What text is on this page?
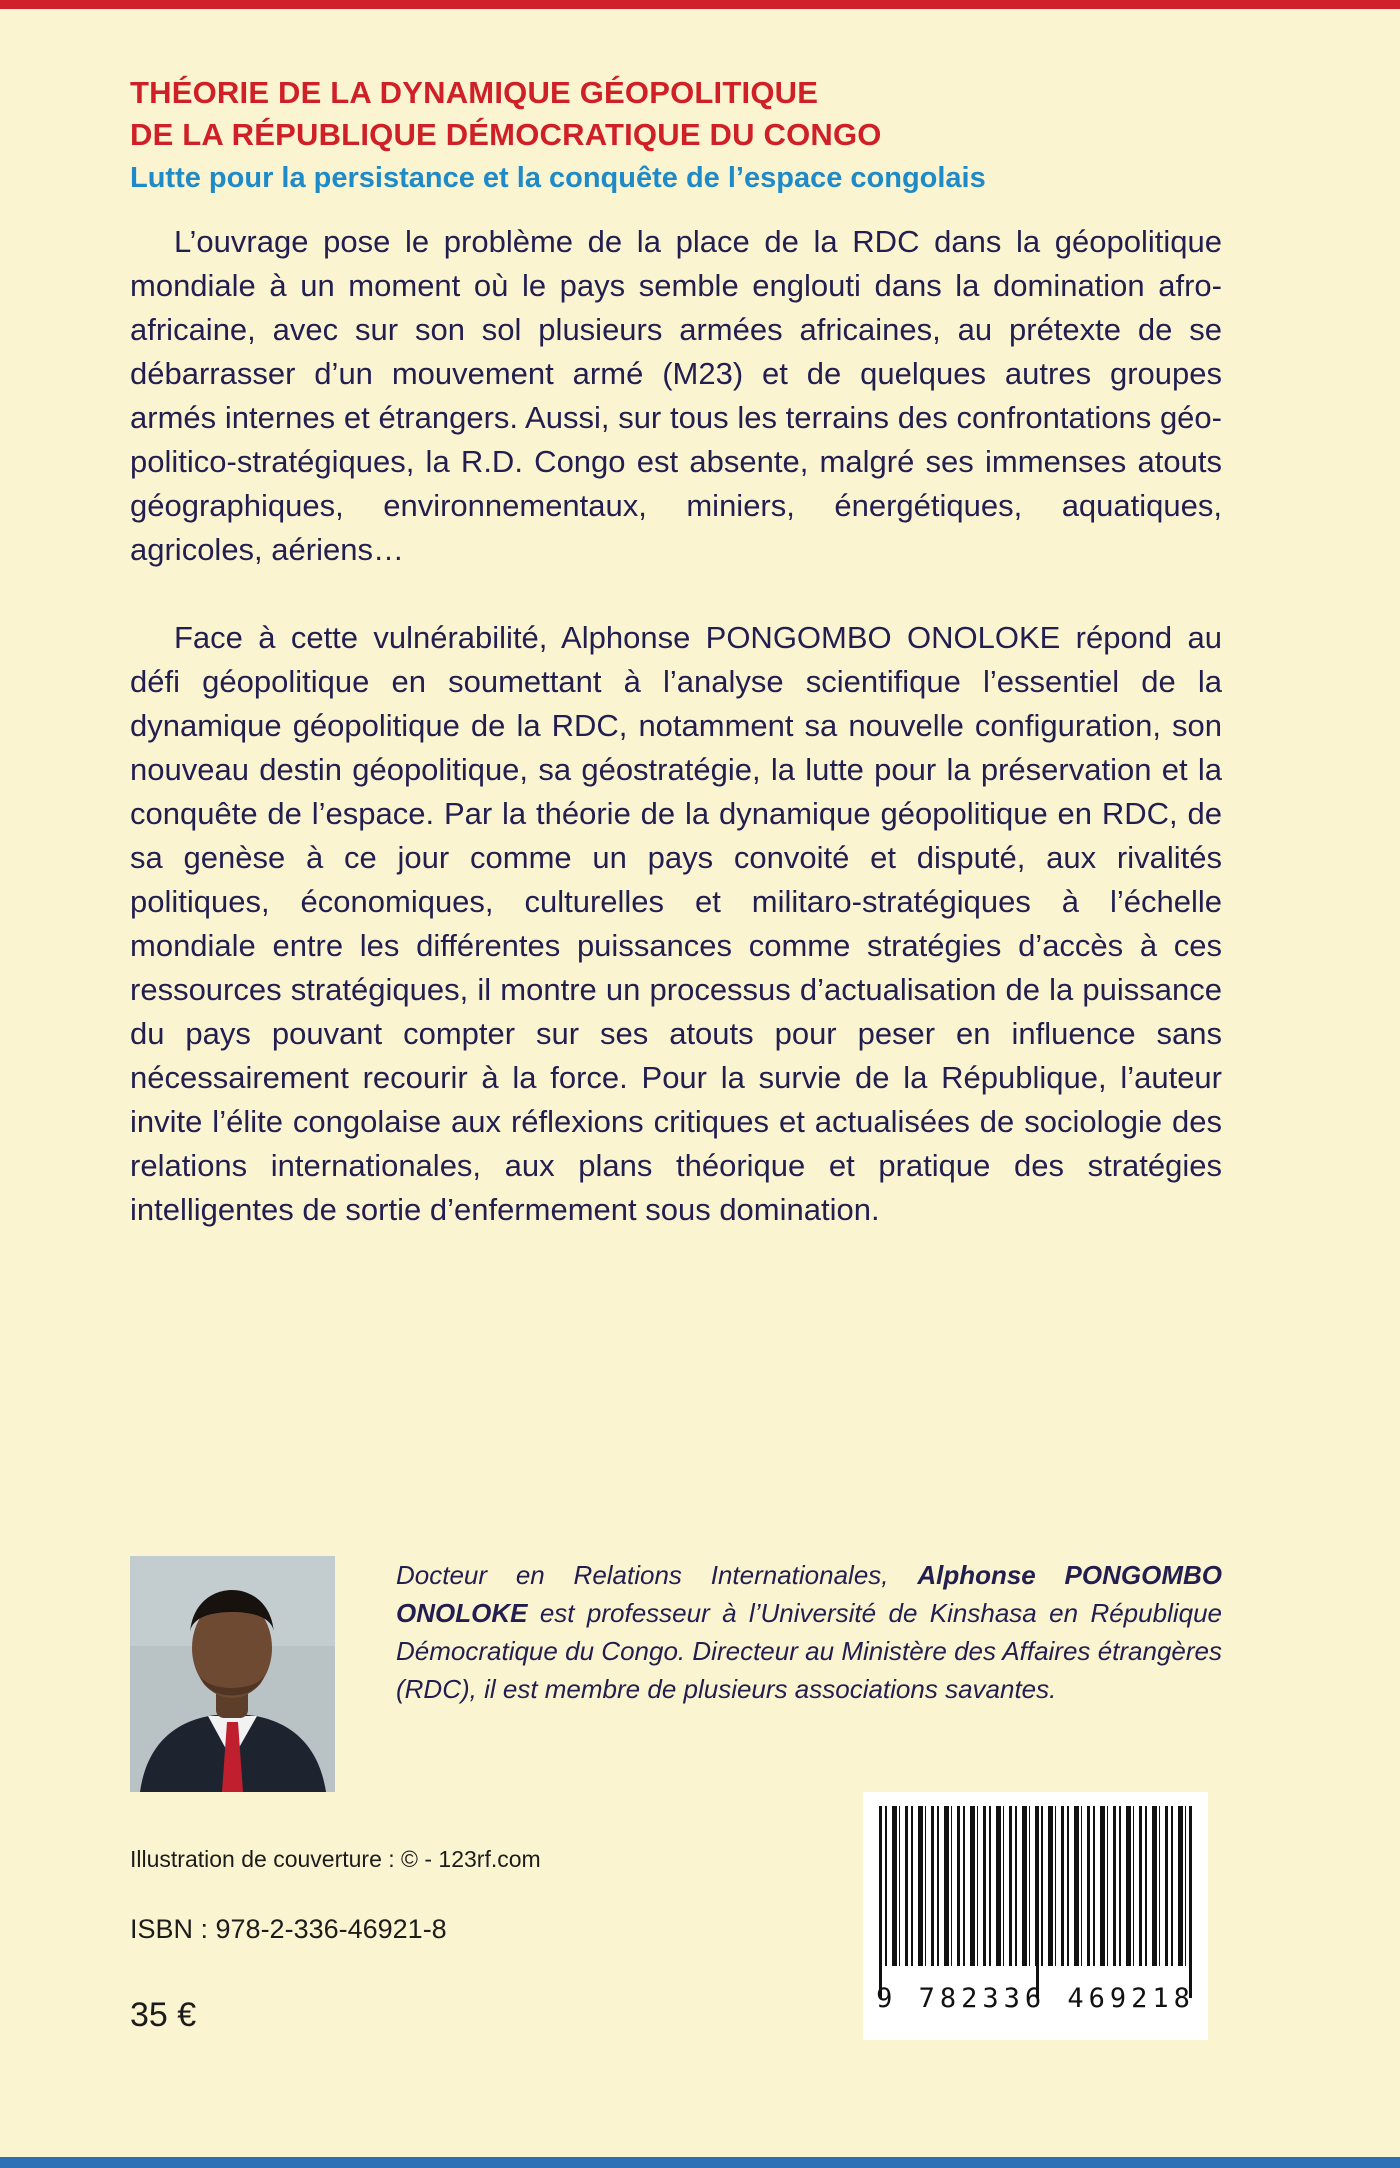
THÉORIE DE LA DYNAMIQUE GÉOPOLITIQUE
DE LA RÉPUBLIQUE DÉMOCRATIQUE DU CONGO
Lutte pour la persistance et la conquête de l’espace congolais

L’ouvrage pose le problème de la place de la RDC dans la géopolitique mondiale à un moment où le pays semble englouti dans la domination afro-africaine, avec sur son sol plusieurs armées africaines, au prétexte de se débarrasser d’un mouvement armé (M23) et de quelques autres groupes armés internes et étrangers. Aussi, sur tous les terrains des confrontations géo-politico-stratégiques, la R.D. Congo est absente, malgré ses immenses atouts géographiques, environnementaux, miniers, énergétiques, aquatiques, agricoles, aériens…

Face à cette vulnérabilité, Alphonse PONGOMBO ONOLOKE répond au défi géopolitique en soumettant à l’analyse scientifique l’essentiel de la dynamique géopolitique de la RDC, notamment sa nouvelle configuration, son nouveau destin géopolitique, sa géostratégie, la lutte pour la préservation et la conquête de l’espace. Par la théorie de la dynamique géopolitique en RDC, de sa genèse à ce jour comme un pays convoité et disputé, aux rivalités politiques, économiques, culturelles et militaro-stratégiques à l’échelle mondiale entre les différentes puissances comme stratégies d’accès à ces ressources stratégiques, il montre un processus d’actualisation de la puissance du pays pouvant compter sur ses atouts pour peser en influence sans nécessairement recourir à la force. Pour la survie de la République, l’auteur invite l’élite congolaise aux réflexions critiques et actualisées de sociologie des relations internationales, aux plans théorique et pratique des stratégies intelligentes de sortie d’enfermement sous domination.

Docteur en Relations Internationales, Alphonse PONGOMBO ONOLOKE est professeur à l’Université de Kinshasa en République Démocratique du Congo. Directeur au Ministère des Affaires étrangères (RDC), il est membre de plusieurs associations savantes.
Illustration de couverture : © - 123rf.com
ISBN : 978-2-336-46921-8
35 €	9 782336 469218
